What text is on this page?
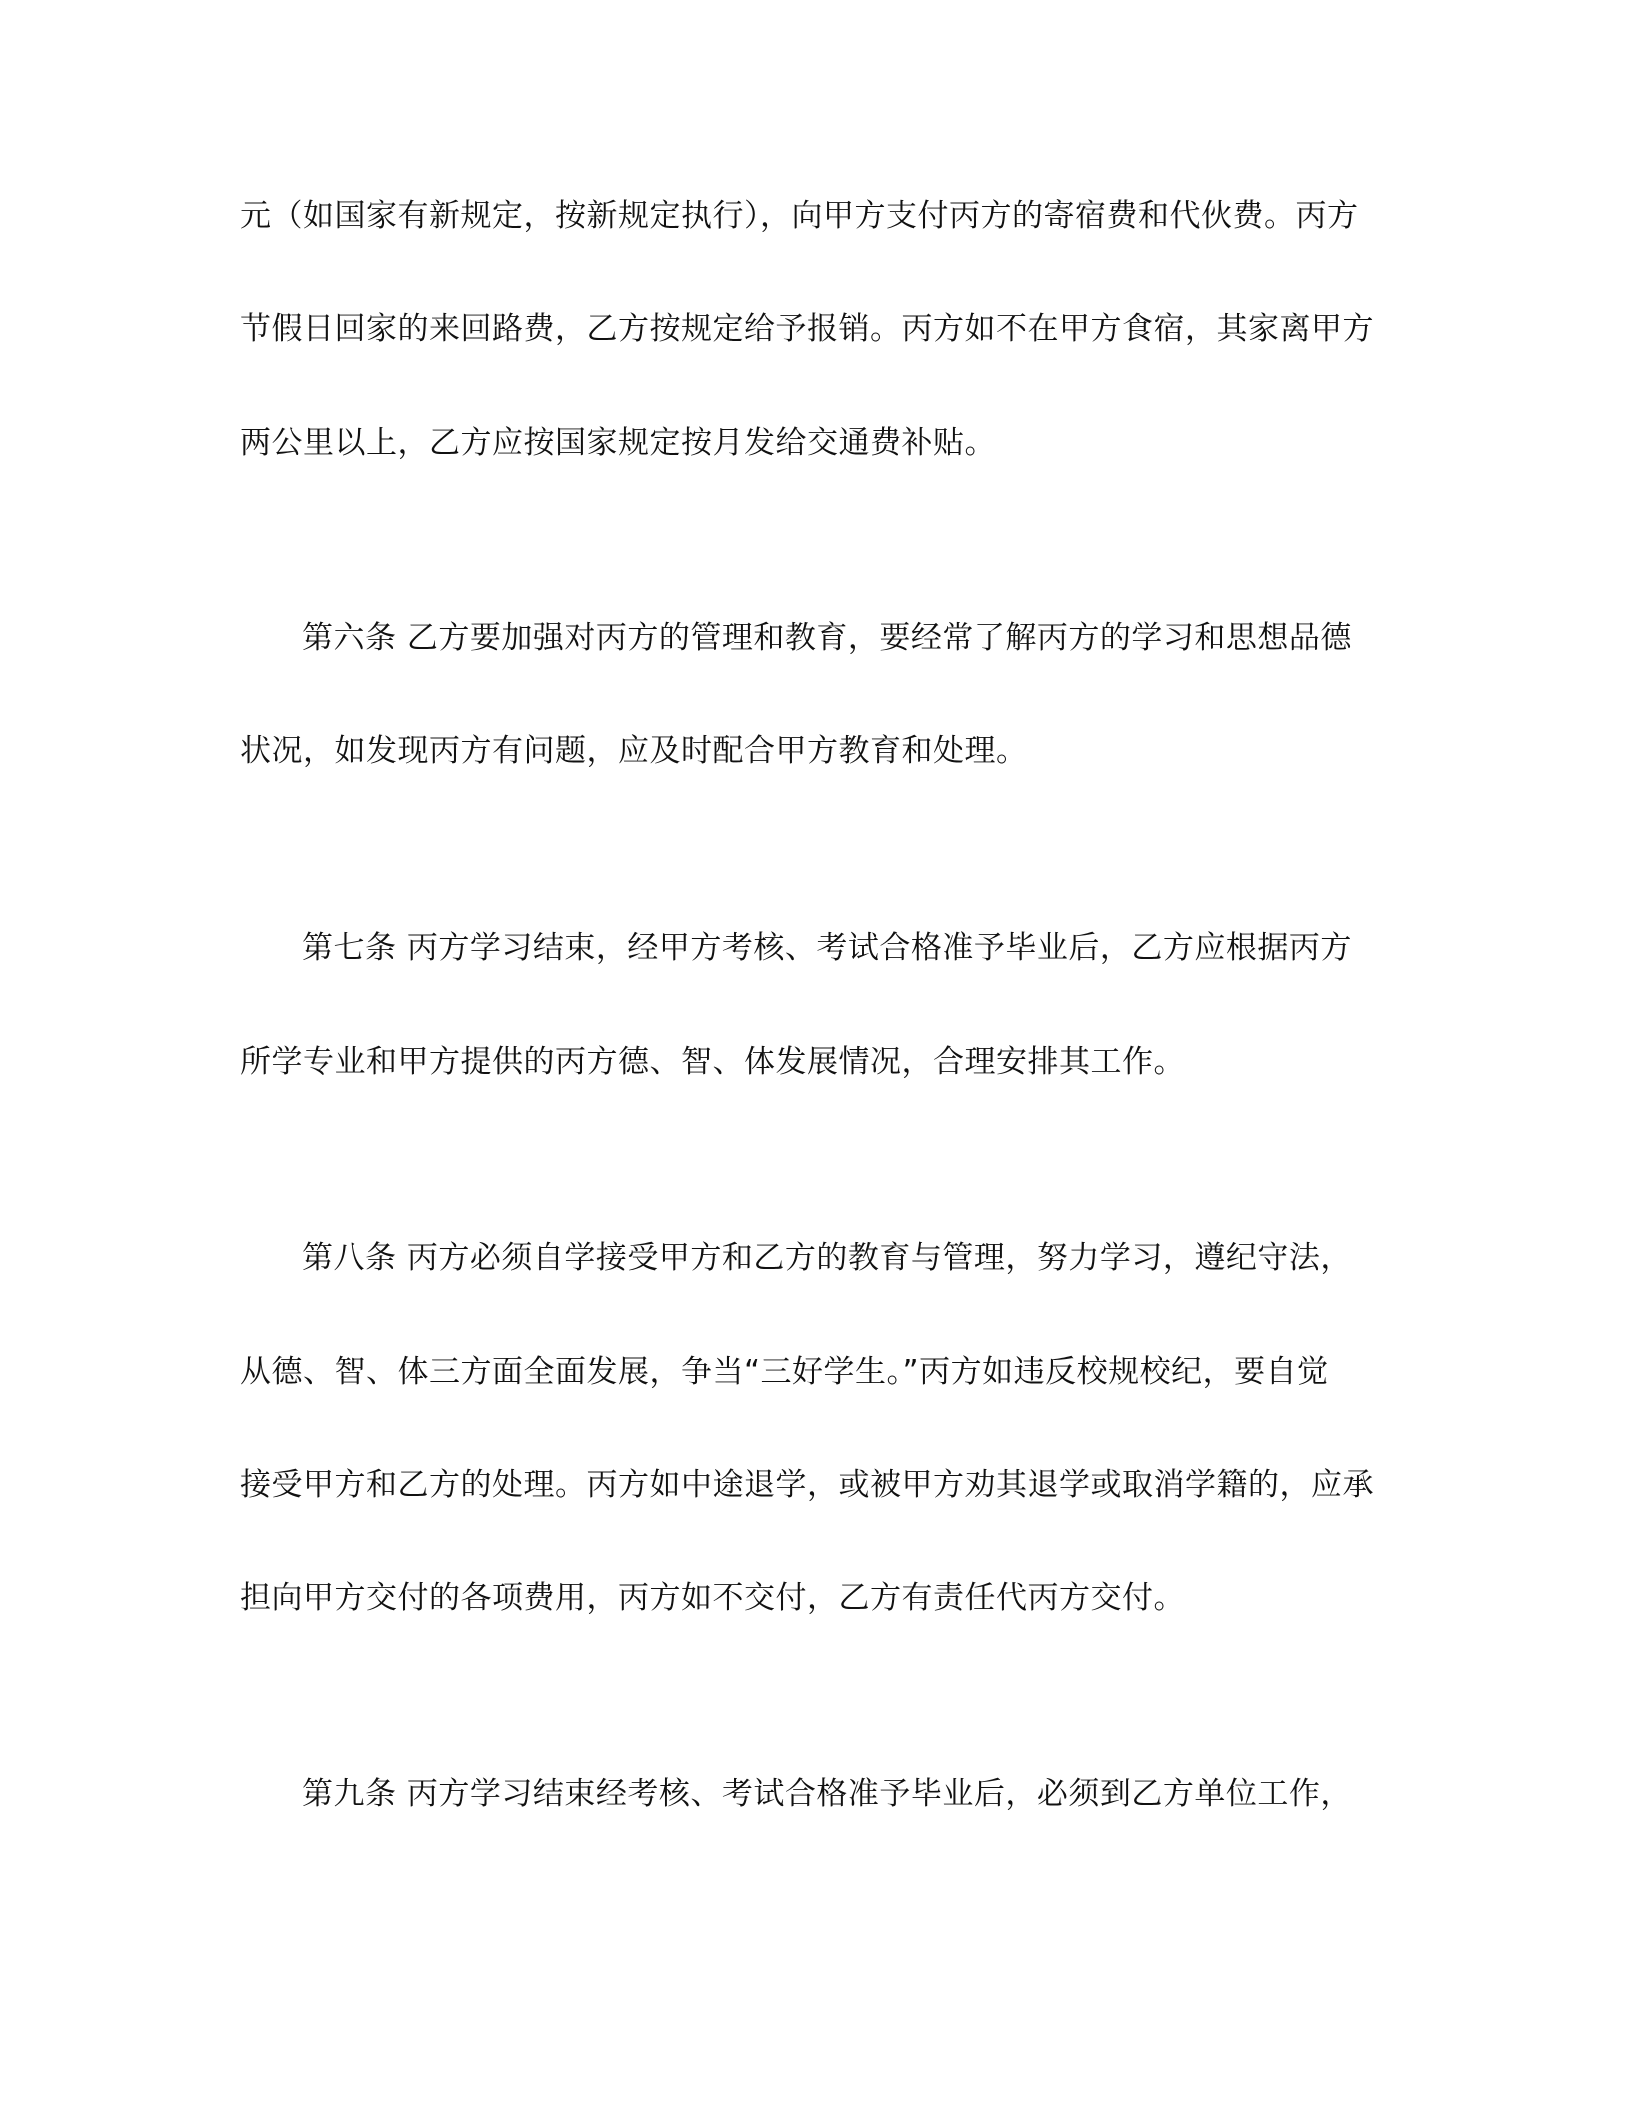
元（如国家有新规定，按新规定执行），向甲方支付丙方的寄宿费和代伙费。丙方

节假日回家的来回路费，乙方按规定给予报销。丙方如不在甲方食宿，其家离甲方

两公里以上，乙方应按国家规定按月发给交通费补贴。

第六条 乙方要加强对丙方的管理和教育，要经常了解丙方的学习和思想品德

状况，如发现丙方有问题，应及时配合甲方教育和处理。

第七条 丙方学习结束，经甲方考核、考试合格准予毕业后，乙方应根据丙方

所学专业和甲方提供的丙方德、智、体发展情况，合理安排其工作。

第八条 丙方必须自学接受甲方和乙方的教育与管理，努力学习，遵纪守法，

从德、智、体三方面全面发展，争当“三好学生。”丙方如违反校规校纪，要自觉

接受甲方和乙方的处理。丙方如中途退学，或被甲方劝其退学或取消学籍的，应承

担向甲方交付的各项费用，丙方如不交付，乙方有责任代丙方交付。

第九条 丙方学习结束经考核、考试合格准予毕业后，必须到乙方单位工作，
